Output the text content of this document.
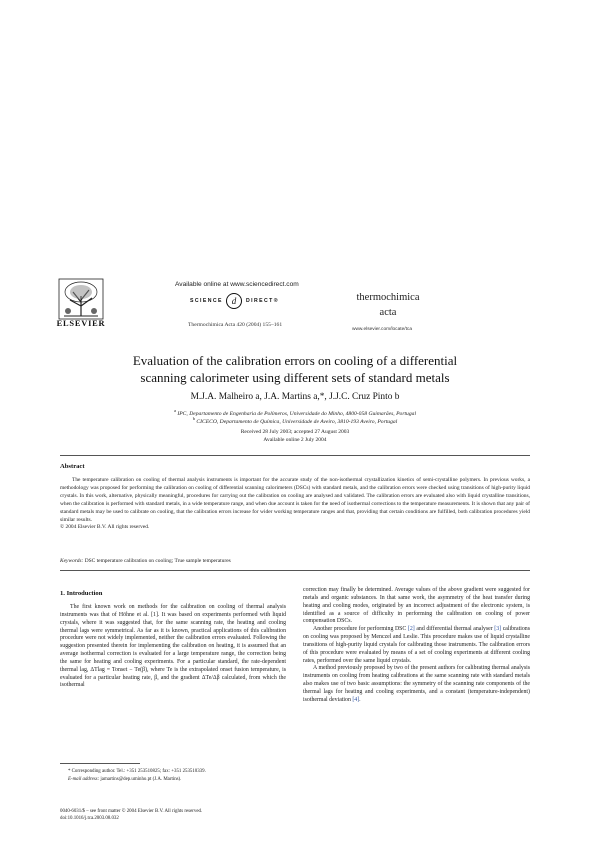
ELSEVIER
Available online at www.sciencedirect.com
SCIENCE d	DIRECT®
Thermochimica Acta 420 (2004) 155–161
thermochimica
acta
www.elsevier.com/locate/tca
Evaluation of the calibration errors on cooling of a differential
scanning calorimeter using different sets of standard metals
M.J.A. Malheiro a, J.A. Martins a,*, J.J.C. Cruz Pinto b
$^a$ IPC, Departamento de Engenharia de Polímeros, Universidade do Minho, 4800-058 Guimarães, Portugal
$^b$ CICECO, Departamento de Química, Universidade de Aveiro, 3810-193 Aveiro, Portugal
Received 28 July 2003; accepted 27 August 2003
Available online 2 July 2004
Abstract
The temperature calibration on cooling of thermal analysis instruments is important for the accurate study of the non-isothermal crystallization kinetics of semi-crystalline polymers. In previous works, a methodology was proposed for performing the calibration on cooling of differential scanning calorimeters (DSCs) with standard metals, and the calibration errors were checked using transitions of high-purity liquid crystals. In this work, alternative, physically meaningful, procedures for carrying out the calibration on cooling are analysed and validated. The calibration errors are evaluated also with liquid crystalline transitions, when the calibration is performed with standard metals, in a wide temperature range, and when due account is taken for the need of isothermal corrections to the temperature measurements. It is shown that any pair of standard metals may be used to calibrate on cooling, that the calibration errors increase for wider working temperature ranges and that, providing that certain conditions are fulfilled, both calibration procedures yield similar results.
© 2004 Elsevier B.V. All rights reserved.
Keywords: DSC temperature calibration on cooling; True sample temperatures
1. Introduction
The first known work on methods for the calibration on cooling of thermal analysis instruments was that of Höhne et al. [1]. It was based on experiments performed with liquid crystals, where it was suggested that, for the same scanning rate, the heating and cooling thermal lags were symmetrical. As far as it is known, practical applications of this calibration procedure were not widely implemented, neither the calibration errors evaluated. Following the suggestion presented therein for implementing the calibration on heating, it is assumed that an average isothermal correction is evaluated for a large temperature range, the correction being the same for heating and cooling experiments. For a particular standard, the rate-dependent thermal lag, ΔTlag = Tonset − Te(β), where Te is the extrapolated onset fusion temperature, is evaluated for a particular heating rate, β, and the gradient ΔTe/Δβ calculated, from which the isothermal

correction may finally be determined. Average values of the above gradient were suggested for metals and organic substances. In that same work, the asymmetry of the heat transfer during heating and cooling modes, originated by an incorrect adjustment of the electronic system, is identified as a source of difficulty in performing the calibration on cooling of power compensation DSCs.

Another procedure for performing DSC [2] and differential thermal analyser [3] calibrations on cooling was proposed by Menczel and Leslie. This procedure makes use of liquid crystalline transitions of high-purity liquid crystals for calibrating those instruments. The calibration errors of this procedure were evaluated by means of a set of cooling experiments at different cooling rates, performed over the same liquid crystals.

A method previously proposed by two of the present authors for calibrating thermal analysis instruments on cooling from heating calibrations at the same scanning rate with standard metals also makes use of two basic assumptions: the symmetry of the scanning rate components of the thermal lags for heating and cooling experiments, and a constant (temperature-independent) isothermal deviation [4].

* Corresponding author. Tel.: +351 253510825; fax: +351 253510339.

E-mail address: jamartins@dep.uminho.pt (J.A. Martins).

0040-6031/$ – see front matter © 2004 Elsevier B.V. All rights reserved.

doi:10.1016/j.tca.2003.08.032
